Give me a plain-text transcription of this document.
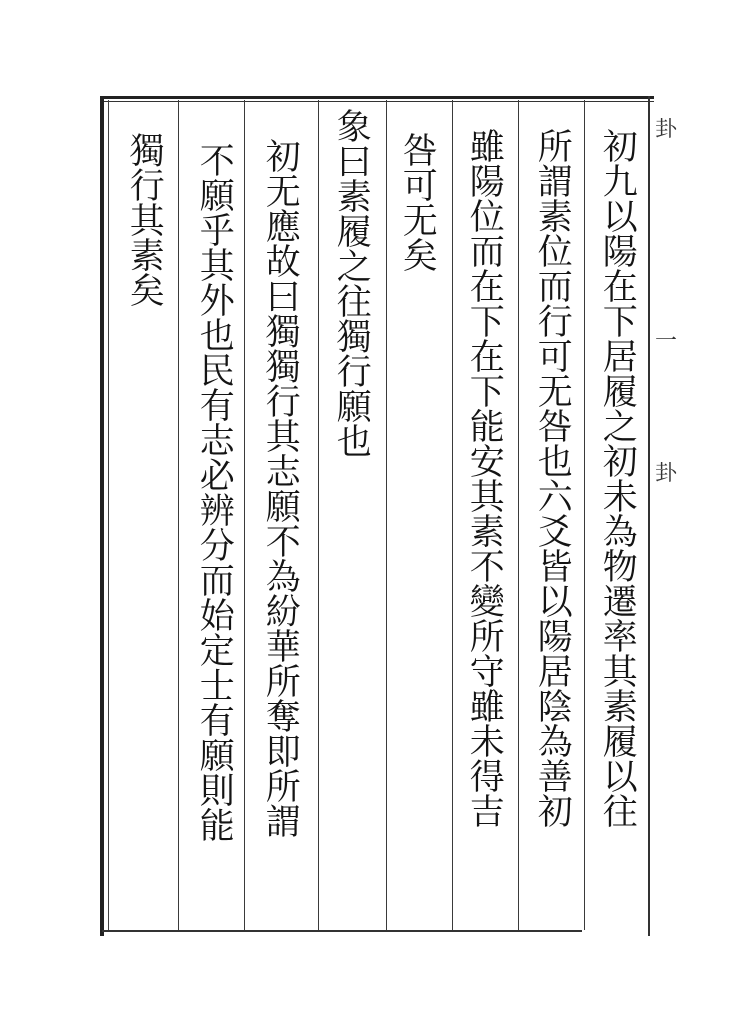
卦
一
卦
初九以陽在下居履之初未為物遷率其素履以往
所謂素位而行可无咎也六爻皆以陽居陰為善初
雖陽位而在下在下能安其素不變所守雖未得吉
咎可无矣
象曰素履之往獨行願也
初无應故曰獨獨行其志願不為紛華所奪即所謂
不願乎其外也民有志必辨分而始定士有願則能
獨行其素矣
